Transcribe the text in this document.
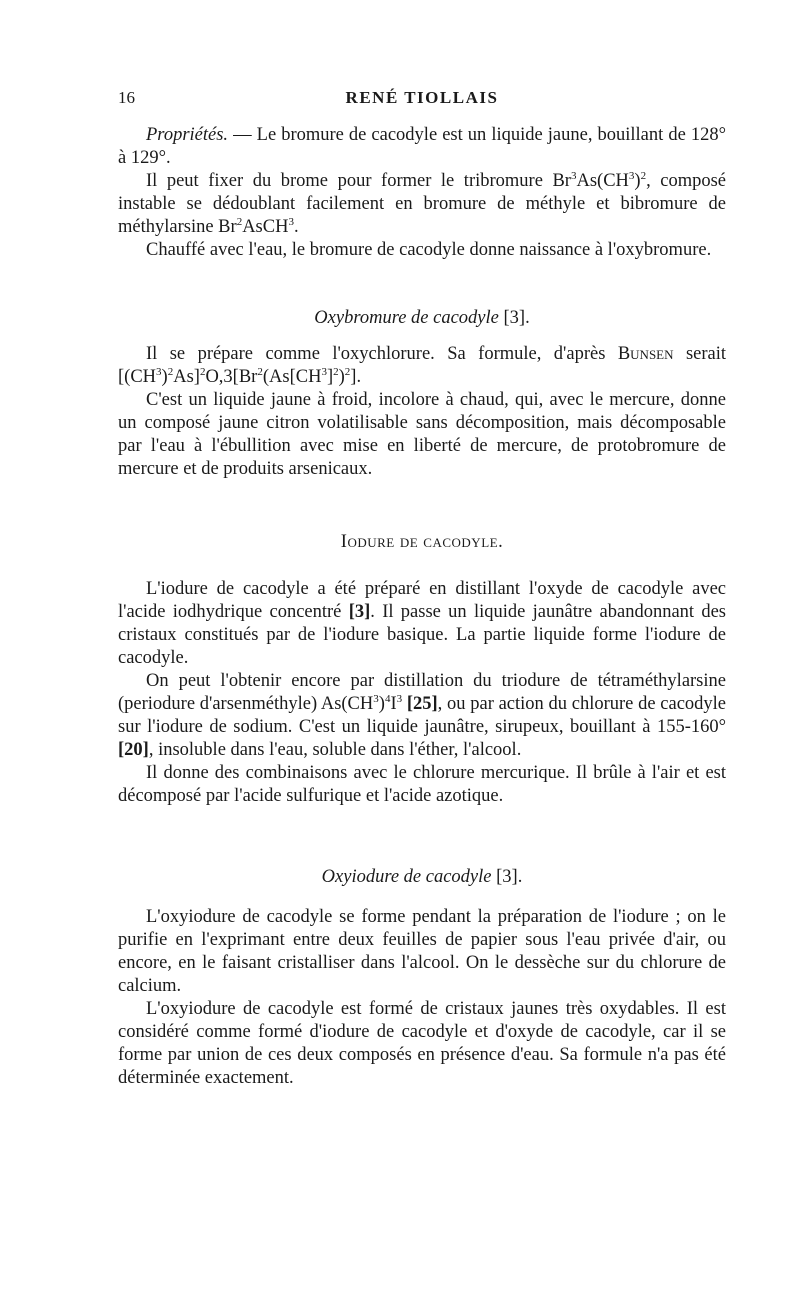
16	RENÉ TIOLLAIS

Propriétés. — Le bromure de cacodyle est un liquide jaune, bouillant de 128° à 129°.

Il peut fixer du brome pour former le tribromure $Br^3As(CH^3)^2$, composé instable se dédoublant facilement en bromure de méthyle et bibromure de méthylarsine Br$^2$AsCH$^3$.

Chauffé avec l'eau, le bromure de cacodyle donne naissance à l'oxybromure.

Oxybromure de cacodyle [3].

Il se prépare comme l'oxychlorure. Sa formule, d'après Bunsen serait $[(CH^3)^2As]^2O,3[Br^2(As[CH^3]^2)^2]$.

C'est un liquide jaune à froid, incolore à chaud, qui, avec le mercure, donne un composé jaune citron volatilisable sans décomposition, mais décomposable par l'eau à l'ébullition avec mise en liberté de mercure, de protobromure de mercure et de produits arsenicaux.

Iodure de cacodyle.

L'iodure de cacodyle a été préparé en distillant l'oxyde de cacodyle avec l'acide iodhydrique concentré [3]. Il passe un liquide jaunâtre abandonnant des cristaux constitués par de l'iodure basique. La partie liquide forme l'iodure de cacodyle.

On peut l'obtenir encore par distillation du triodure de tétraméthylarsine (periodure d'arsenméthyle) $As(CH^3)^4I^3$ [25], ou par action du chlorure de cacodyle sur l'iodure de sodium. C'est un liquide jaunâtre, sirupeux, bouillant à 155-160° [20], insoluble dans l'eau, soluble dans l'éther, l'alcool.

Il donne des combinaisons avec le chlorure mercurique. Il brûle à l'air et est décomposé par l'acide sulfurique et l'acide azotique.

Oxyiodure de cacodyle [3].

L'oxyiodure de cacodyle se forme pendant la préparation de l'iodure ; on le purifie en l'exprimant entre deux feuilles de papier sous l'eau privée d'air, ou encore, en le faisant cristalliser dans l'alcool. On le dessèche sur du chlorure de calcium.

L'oxyiodure de cacodyle est formé de cristaux jaunes très oxydables. Il est considéré comme formé d'iodure de cacodyle et d'oxyde de cacodyle, car il se forme par union de ces deux composés en présence d'eau. Sa formule n'a pas été déterminée exactement.
